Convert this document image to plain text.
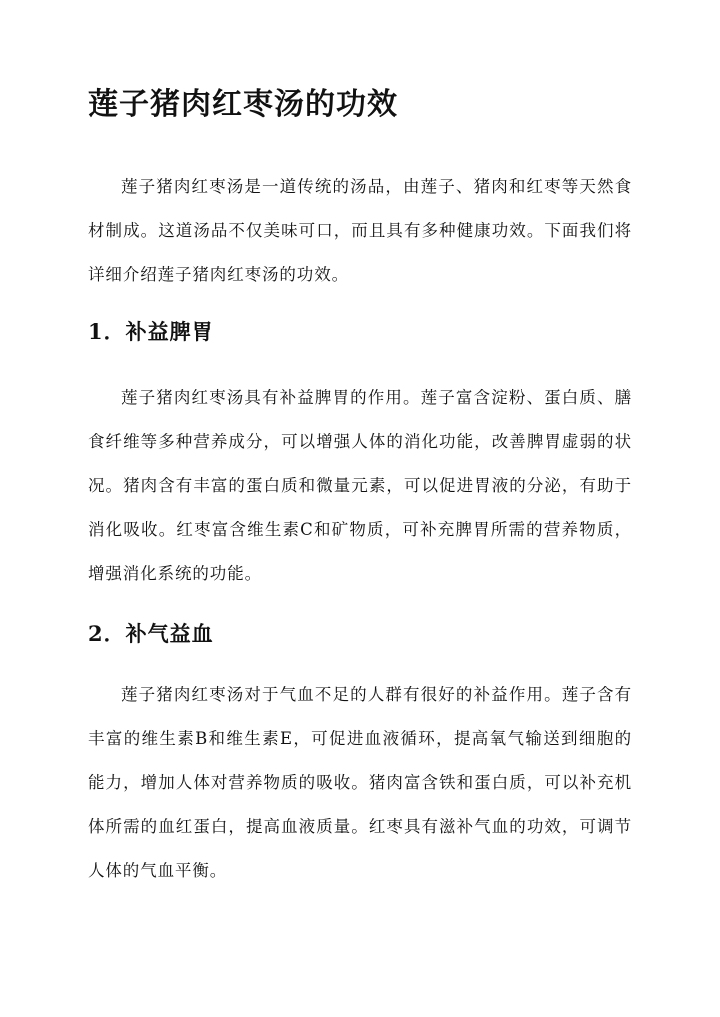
莲子猪肉红枣汤的功效

莲子猪肉红枣汤是一道传统的汤品，由莲子、猪肉和红枣等天然食材制成。这道汤品不仅美味可口，而且具有多种健康功效。下面我们将详细介绍莲子猪肉红枣汤的功效。

1．补益脾胃

莲子猪肉红枣汤具有补益脾胃的作用。莲子富含淀粉、蛋白质、膳食纤维等多种营养成分，可以增强人体的消化功能，改善脾胃虚弱的状况。猪肉含有丰富的蛋白质和微量元素，可以促进胃液的分泌，有助于消化吸收。红枣富含维生素C和矿物质，可补充脾胃所需的营养物质，增强消化系统的功能。

2．补气益血

莲子猪肉红枣汤对于气血不足的人群有很好的补益作用。莲子含有丰富的维生素B和维生素E，可促进血液循环，提高氧气输送到细胞的能力，增加人体对营养物质的吸收。猪肉富含铁和蛋白质，可以补充机体所需的血红蛋白，提高血液质量。红枣具有滋补气血的功效，可调节人体的气血平衡。
